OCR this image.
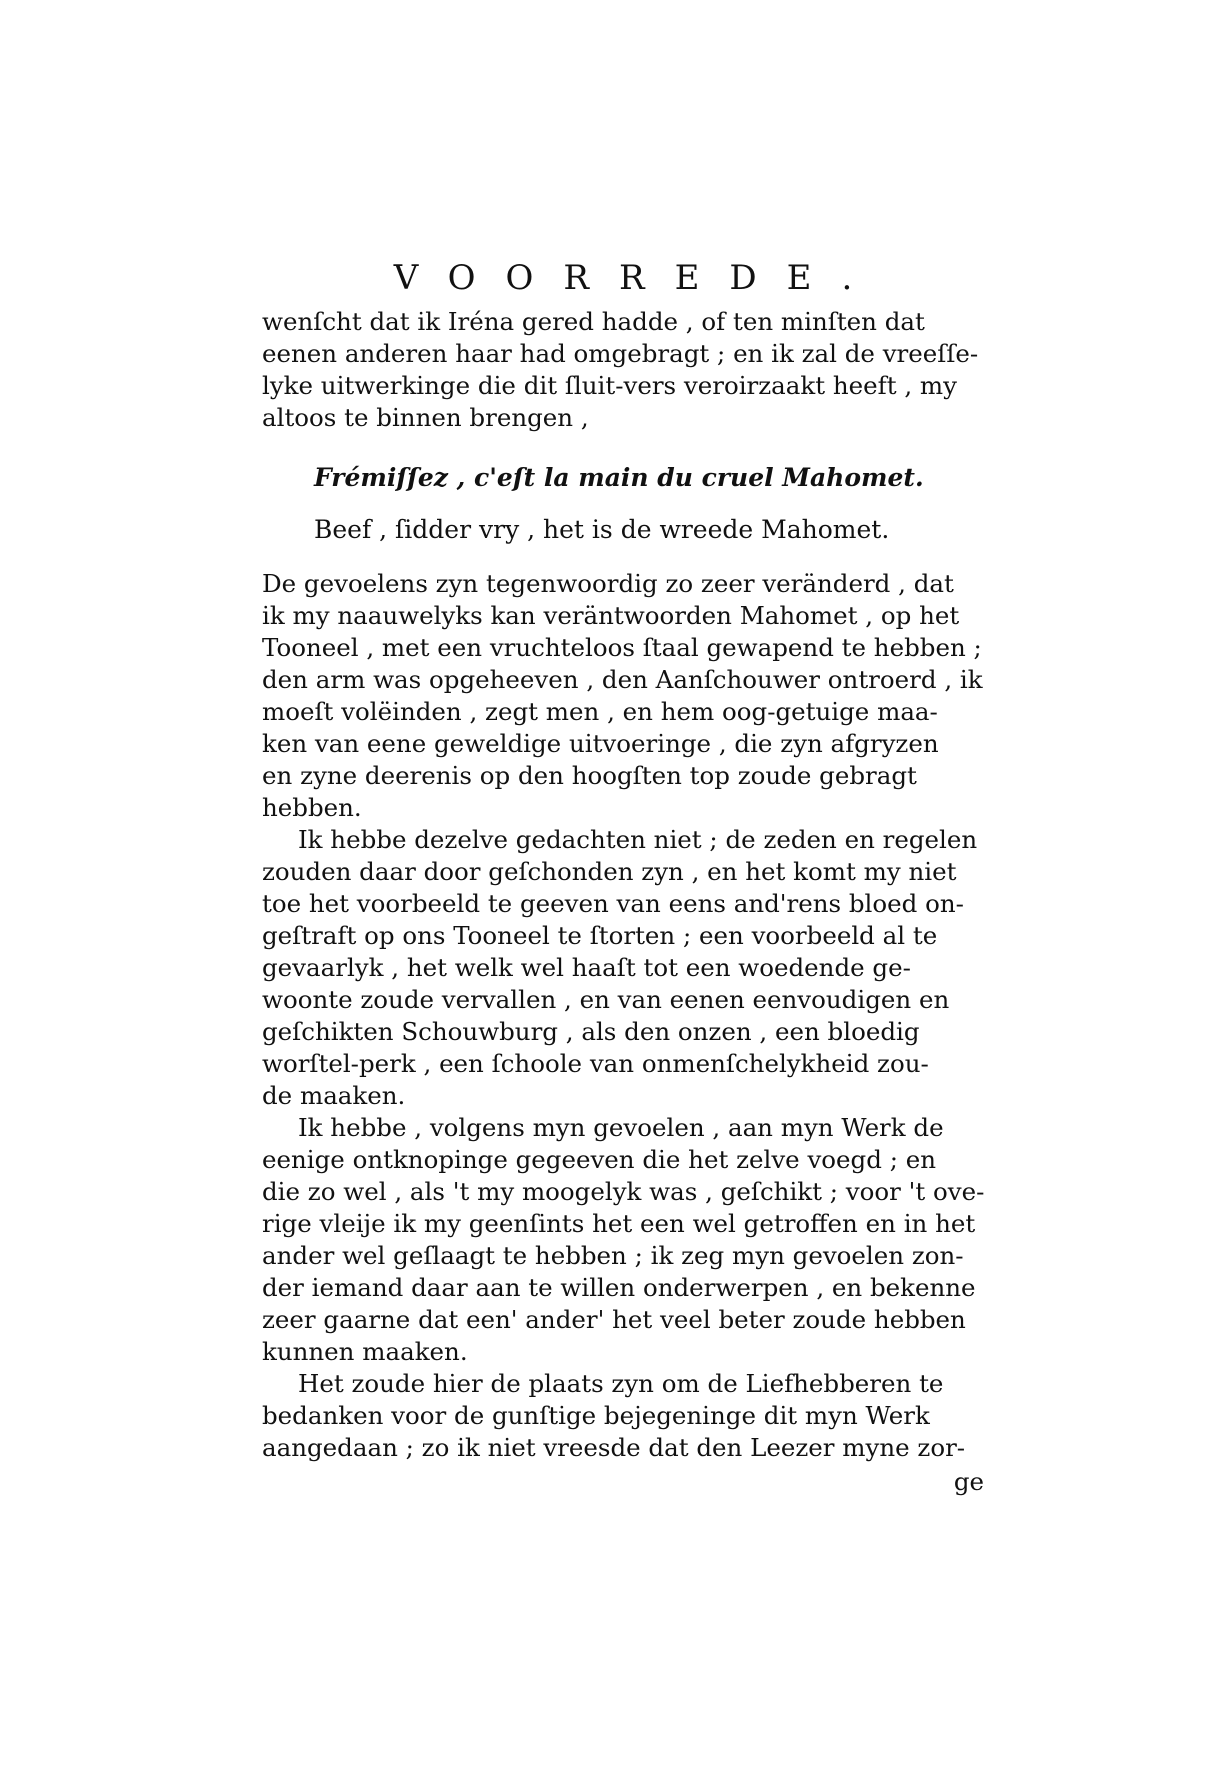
VOORREDE.
wenſcht dat ik Iréna gered hadde , of ten minſten dat
eenen anderen haar had omgebragt ; en ik zal de vreeſſe-
lyke uitwerkinge die dit ſluit-vers veroirzaakt heeft , my
altoos te binnen brengen ,
Frémiſſez , c'eſt la main du cruel Mahomet.
Beef , ſidder vry , het is de wreede Mahomet.
De gevoelens zyn tegenwoordig zo zeer veränderd , dat
ik my naauwelyks kan veräntwoorden Mahomet , op het
Tooneel , met een vruchteloos ſtaal gewapend te hebben ;
den arm was opgeheeven , den Aanſchouwer ontroerd , ik
moeſt volëinden , zegt men , en hem oog-getuige maa-
ken van eene geweldige uitvoeringe , die zyn afgryzen
en zyne deerenis op den hoogſten top zoude gebragt
hebben.
Ik hebbe dezelve gedachten niet ; de zeden en regelen
zouden daar door geſchonden zyn , en het komt my niet
toe het voorbeeld te geeven van eens and'rens bloed on-
geſtraft op ons Tooneel te ſtorten ; een voorbeeld al te
gevaarlyk , het welk wel haaſt tot een woedende ge-
woonte zoude vervallen , en van eenen eenvoudigen en
geſchikten Schouwburg , als den onzen , een bloedig
worſtel-perk , een ſchoole van onmenſchelykheid zou-
de maaken.
Ik hebbe , volgens myn gevoelen , aan myn Werk de
eenige ontknopinge gegeeven die het zelve voegd ; en
die zo wel , als 't my moogelyk was , geſchikt ; voor 't ove-
rige vleije ik my geenſints het een wel getroffen en in het
ander wel geſlaagt te hebben ; ik zeg myn gevoelen zon-
der iemand daar aan te willen onderwerpen , en bekenne
zeer gaarne dat een' ander' het veel beter zoude hebben
kunnen maaken.
Het zoude hier de plaats zyn om de Liefhebberen te
bedanken voor de gunſtige bejegeninge dit myn Werk
aangedaan ; zo ik niet vreesde dat den Leezer myne zor-
ge
